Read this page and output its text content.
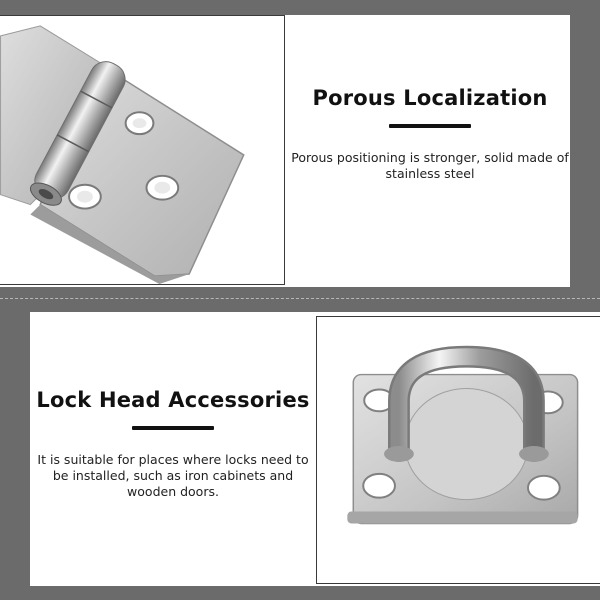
Porous Localization

Porous positioning is stronger, solid made of stainless steel

Lock Head Accessories

It is suitable for places where locks need to be installed, such as iron cabinets and wooden doors.
